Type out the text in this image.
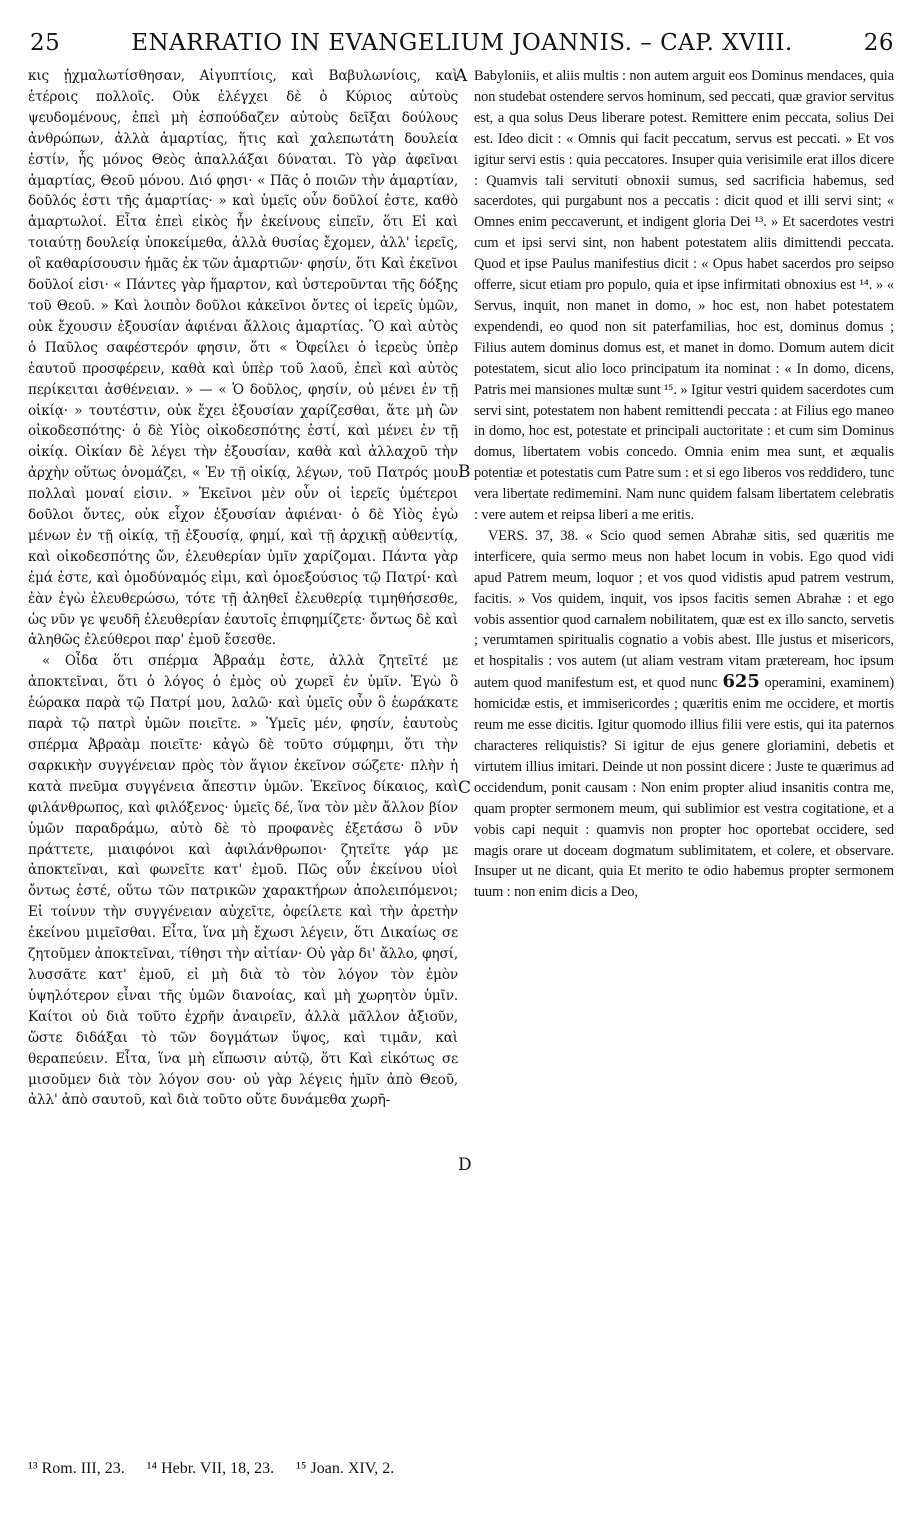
25	ENARRATIO IN EVANGELIUM JOANNIS. – CAP. XVIII.	26

κις ᾐχμαλωτίσθησαν, Αἰγυπτίοις, καὶ Βαβυλωνίοις, καὶ ἑτέροις πολλοῖς. Οὐκ ἐλέγχει δὲ ὁ Κύριος αὐτοὺς ψευδομένους, ἐπεὶ μὴ ἐσπούδαζεν αὐτοὺς δεῖξαι δούλους ἀνθρώπων, ἀλλὰ ἁμαρτίας, ἥτις καὶ χαλεπωτάτη δουλεία ἐστίν, ἧς μόνος Θεὸς ἀπαλλάξαι δύναται. Τὸ γὰρ ἀφεῖναι ἁμαρτίας, Θεοῦ μόνου. Διό φησι· « Πᾶς ὁ ποιῶν τὴν ἁμαρτίαν, δοῦλός ἐστι τῆς ἁμαρτίας· » καὶ ὑμεῖς οὖν δοῦλοί ἐστε, καθὸ ἁμαρτωλοί. Εἶτα ἐπεὶ εἰκὸς ἦν ἐκείνους εἰπεῖν, ὅτι Εἰ καὶ τοιαύτῃ δουλείᾳ ὑποκείμεθα, ἀλλὰ θυσίας ἔχομεν, ἀλλ' ἱερεῖς, οἳ καθαρίσουσιν ἡμᾶς ἐκ τῶν ἁμαρτιῶν· φησίν, ὅτι Καὶ ἐκεῖνοι δοῦλοί εἰσι· « Πάντες γὰρ ἥμαρτον, καὶ ὑστεροῦνται τῆς δόξης τοῦ Θεοῦ. » Καὶ λοιπὸν δοῦλοι κἀκεῖνοι ὄντες οἱ ἱερεῖς ὑμῶν, οὐκ ἔχουσιν ἐξουσίαν ἀφιέναι ἄλλοις ἁμαρτίας. Ὃ καὶ αὐτὸς ὁ Παῦλος σαφέστερόν φησιν, ὅτι « Ὀφείλει ὁ ἱερεὺς ὑπὲρ ἑαυτοῦ προσφέρειν, καθὰ καὶ ὑπὲρ τοῦ λαοῦ, ἐπεὶ καὶ αὐτὸς περίκειται ἀσθένειαν. » — « Ὁ δοῦλος, φησίν, οὐ μένει ἐν τῇ οἰκίᾳ· » τουτέστιν, οὐκ ἔχει ἐξουσίαν χαρίζεσθαι, ἅτε μὴ ὢν οἰκοδεσπότης· ὁ δὲ Υἱὸς οἰκοδεσπότης ἐστί, καὶ μένει ἐν τῇ οἰκίᾳ. Οἰκίαν δὲ λέγει τὴν ἐξουσίαν, καθὰ καὶ ἀλλαχοῦ τὴν ἀρχὴν οὕτως ὀνομάζει, « Ἐν τῇ οἰκίᾳ, λέγων, τοῦ Πατρός μου πολλαὶ μοναί εἰσιν. » Ἐκεῖνοι μὲν οὖν οἱ ἱερεῖς ὑμέτεροι δοῦλοι ὄντες, οὐκ εἶχον ἐξουσίαν ἀφιέναι· ὁ δὲ Υἱὸς ἐγὼ μένων ἐν τῇ οἰκίᾳ, τῇ ἐξουσίᾳ, φημί, καὶ τῇ ἀρχικῇ αὐθεντίᾳ, καὶ οἰκοδεσπότης ὤν, ἐλευθερίαν ὑμῖν χαρίζομαι. Πάντα γὰρ ἐμά ἐστε, καὶ ὁμοδύναμός εἰμι, καὶ ὁμοεξούσιος τῷ Πατρί· καὶ ἐὰν ἐγὼ ἐλευθερώσω, τότε τῇ ἀληθεῖ ἐλευθερίᾳ τιμηθήσεσθε, ὡς νῦν γε ψευδῆ ἐλευθερίαν ἑαυτοῖς ἐπιφημίζετε· ὄντως δὲ καὶ ἀληθῶς ἐλεύθεροι παρ' ἐμοῦ ἔσεσθε.

« Οἶδα ὅτι σπέρμα Ἀβραάμ ἐστε, ἀλλὰ ζητεῖτέ με ἀποκτεῖναι, ὅτι ὁ λόγος ὁ ἐμὸς οὐ χωρεῖ ἐν ὑμῖν. Ἐγὼ ὃ ἑώρακα παρὰ τῷ Πατρί μου, λαλῶ· καὶ ὑμεῖς οὖν ὃ ἑωράκατε παρὰ τῷ πατρὶ ὑμῶν ποιεῖτε. » Ὑμεῖς μέν, φησίν, ἑαυτοὺς σπέρμα Ἀβραὰμ ποιεῖτε· κἀγὼ δὲ τοῦτο σύμφημι, ὅτι τὴν σαρκικὴν συγγένειαν πρὸς τὸν ἅγιον ἐκεῖνον σώζετε· πλὴν ἡ κατὰ πνεῦμα συγγένεια ἄπεστιν ὑμῶν. Ἐκεῖνος δίκαιος, καὶ φιλάνθρωπος, καὶ φιλόξενος· ὑμεῖς δέ, ἵνα τὸν μὲν ἄλλον βίον ὑμῶν παραδράμω, αὐτὸ δὲ τὸ προφανὲς ἐξετάσω ὃ νῦν πράττετε, μιαιφόνοι καὶ ἀφιλάνθρωποι· ζητεῖτε γάρ με ἀποκτεῖναι, καὶ φωνεῖτε κατ' ἐμοῦ. Πῶς οὖν ἐκείνου υἱοὶ ὄντως ἐστέ, οὕτω τῶν πατρικῶν χαρακτήρων ἀπολειπόμενοι; Εἰ τοίνυν τὴν συγγένειαν αὐχεῖτε, ὀφείλετε καὶ τὴν ἀρετὴν ἐκείνου μιμεῖσθαι. Εἶτα, ἵνα μὴ ἔχωσι λέγειν, ὅτι Δικαίως σε ζητοῦμεν ἀποκτεῖναι, τίθησι τὴν αἰτίαν· Οὐ γὰρ δι' ἄλλο, φησί, λυσσᾶτε κατ' ἐμοῦ, εἰ μὴ διὰ τὸ τὸν λόγον τὸν ἐμὸν ὑψηλότερον εἶναι τῆς ὑμῶν διανοίας, καὶ μὴ χωρητὸν ὑμῖν. Καίτοι οὐ διὰ τοῦτο ἐχρῆν ἀναιρεῖν, ἀλλὰ μᾶλλον ἀξιοῦν, ὥστε διδάξαι τὸ τῶν δογμάτων ὕψος, καὶ τιμᾶν, καὶ θεραπεύειν. Εἶτα, ἵνα μὴ εἴπωσιν αὐτῷ, ὅτι Καὶ εἰκότως σε μισοῦμεν διὰ τὸν λόγον σου· οὐ γὰρ λέγεις ἡμῖν ἀπὸ Θεοῦ, ἀλλ' ἀπὸ σαυτοῦ, καὶ διὰ τοῦτο οὔτε δυνάμεθα χωρῆ-

A
B
C
D

Babyloniis, et aliis multis : non autem arguit eos Dominus mendaces, quia non studebat ostendere servos hominum, sed peccati, quæ gravior servitus est, a qua solus Deus liberare potest. Remittere enim peccata, solius Dei est. Ideo dicit : « Omnis qui facit peccatum, servus est peccati. » Et vos igitur servi estis : quia peccatores. Insuper quia verisimile erat illos dicere : Quamvis tali servituti obnoxii sumus, sed sacrificia habemus, sed sacerdotes, qui purgabunt nos a peccatis : dicit quod et illi servi sint; « Omnes enim peccaverunt, et indigent gloria Dei ¹³. » Et sacerdotes vestri cum et ipsi servi sint, non habent potestatem aliis dimittendi peccata. Quod et ipse Paulus manifestius dicit : « Opus habet sacerdos pro seipso offerre, sicut etiam pro populo, quia et ipse infirmitati obnoxius est ¹⁴. » « Servus, inquit, non manet in domo, » hoc est, non habet potestatem expendendi, eo quod non sit paterfamilias, hoc est, dominus domus ; Filius autem dominus domus est, et manet in domo. Domum autem dicit potestatem, sicut alio loco principatum ita nominat : « In domo, dicens, Patris mei mansiones multæ sunt ¹⁵. » Igitur vestri quidem sacerdotes cum servi sint, potestatem non habent remittendi peccata : at Filius ego maneo in domo, hoc est, potestate et principali auctoritate : et cum sim Dominus domus, libertatem vobis concedo. Omnia enim mea sunt, et æqualis potentiæ et potestatis cum Patre sum : et si ego liberos vos reddidero, tunc vera libertate redimemini. Nam nunc quidem falsam libertatem celebratis : vere autem et reipsa liberi a me eritis.

VERS. 37, 38. « Scio quod semen Abrahæ sitis, sed quæritis me interficere, quia sermo meus non habet locum in vobis. Ego quod vidi apud Patrem meum, loquor ; et vos quod vidistis apud patrem vestrum, facitis. » Vos quidem, inquit, vos ipsos facitis semen Abrahæ : et ego vobis assentior quod carnalem nobilitatem, quæ est ex illo sancto, servetis ; verumtamen spiritualis cognatio a vobis abest. Ille justus et misericors, et hospitalis : vos autem (ut aliam vestram vitam præteream, hoc ipsum autem quod manifestum est, et quod nunc 625 operamini, examinem) homicidæ estis, et immisericordes ; quæritis enim me occidere, et mortis reum me esse dicitis. Igitur quomodo illius filii vere estis, qui ita paternos characteres reliquistis? Si igitur de ejus genere gloriamini, debetis et virtutem illius imitari. Deinde ut non possint dicere : Juste te quærimus ad occidendum, ponit causam : Non enim propter aliud insanitis contra me, quam propter sermonem meum, qui sublimior est vestra cogitatione, et a vobis capi nequit : quamvis non propter hoc oportebat occidere, sed magis orare ut doceam dogmatum sublimitatem, et colere, et observare. Insuper ut ne dicant, quia Et merito te odio habemus propter sermonem tuum : non enim dicis a Deo,

¹³ Rom. III, 23. ¹⁴ Hebr. VII, 18, 23. ¹⁵ Joan. XIV, 2.
